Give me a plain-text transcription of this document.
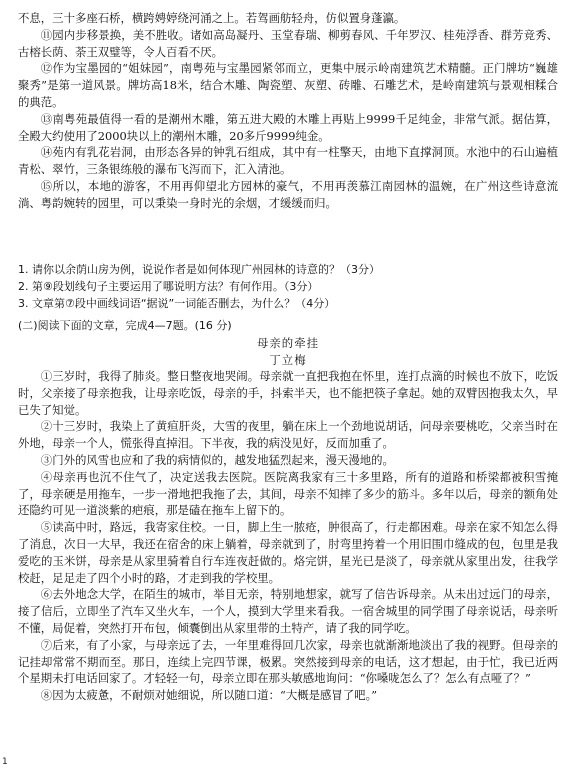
不息，三十多座石桥，横跨娉婷绕河涌之上。若驾画舫轻舟，仿似置身蓬瀛。

⑪园内步移景换，美不胜收。诸如高岛凝丹、玉堂春瑞、柳剪春风、千年罗汉、桂苑浮香、群芳竞秀、古榕长荫、荼王双璧等，令人百看不厌。

⑫作为宝墨园的“姐妹园”，南粤苑与宝墨园紧邻而立，更集中展示岭南建筑艺术精髓。正门牌坊“巍雄聚秀”是第一道风景。牌坊高18米，结合木雕、陶瓷塑、灰塑、砖雕、石雕艺术，是岭南建筑与景观相糅合的典范。

⑬南粤苑最值得一看的是潮州木雕，第五进大殿的木雕上再贴上9999千足纯金，非常气派。据估算，全殿大约使用了2000块以上的潮州木雕，20多斤9999纯金。

⑭苑内有乳花岩洞，由形态各异的钟乳石组成，其中有一柱擎天，由地下直撑洞顶。水池中的石山遍植青松、翠竹，三条银练般的瀑布飞泻而下，汇入清池。

⑮所以，本地的游客，不用再仰望北方园林的豪气，不用再羡慕江南园林的温婉，在广州这些诗意流淌、粤韵婉转的园里，可以秉染一身时光的余烟，才缓缓而归。

1. 请你以余荫山房为例，说说作者是如何体现广州园林的诗意的？（3分）

2. 第⑨段划线句子主要运用了哪说明方法？有何作用。（3分）

3. 文章第⑦段中画线词语“据说”一词能否删去，为什么？（4分）

(二)阅读下面的文章，完成4—7题。(16 分)

母亲的牵挂

丁立梅

①三岁时，我得了肺炎。整日整夜地哭闹。母亲就一直把我抱在怀里，连打点滴的时候也不放下，吃饭时，父亲接了母亲抱我，让母亲吃饭，母亲的手，抖索半天，也不能把筷子拿起。她的双臂因抱我太久，早已失了知觉。

②十三岁时，我染上了黄疸肝炎，大雪的夜里，躺在床上一个劲地说胡话，问母亲要桃吃，父亲当时在外地，母亲一个人，慌张得直掉泪。下半夜，我的病没见好，反而加重了。

③门外的风雪也应和了我的病情似的，越发地猛烈起来，漫天漫地的。

④母亲再也沉不住气了，决定送我去医院。医院离我家有三十多里路，所有的道路和桥梁都被积雪掩了，母亲硬是用拖车，一步一滑地把我拖了去，其间，母亲不知摔了多少的筋斗。多年以后，母亲的额角处还隐约可见一道淡紫的疤痕，那是磕在拖车上留下的。

⑤读高中时，路远，我寄家住校。一日，脚上生一脓疮，肿很高了，行走都困难。母亲在家不知怎么得了消息，次日一大早，我还在宿舍的床上躺着，母亲就到了，肘弯里挎着一个用旧围巾缝成的包，包里是我爱吃的玉米饼，母亲是从家里骑着自行车连夜赶做的。烙完饼，星光已是淡了，母亲就从家里出发，往我学校赶，足足走了四个小时的路，才走到我的学校里。

⑥去外地念大学，在陌生的城市，举目无亲，特别地想家，就写了信告诉母亲。从未出过远门的母亲，接了信后，立即坐了汽车又坐火车，一个人，摸到大学里来看我。一宿舍城里的同学围了母亲说话，母亲听不懂，局促着，突然打开布包，倾囊倒出从家里带的土特产，请了我的同学吃。

⑦后来，有了小家，与母亲远了去，一年里难得回几次家，母亲也就渐渐地淡出了我的视野。但母亲的记挂却常常不期而至。那日，连续上完四节课，极累。突然接到母亲的电话，这才想起，由于忙，我已近两个星期未打电话回家了。才轻轻一句，母亲立即在那头敏感地询问：“你嗓咙怎么了？怎么有点哑了？”

⑧因为太疲惫，不耐烦对她细说，所以随口道：“大概是感冒了吧。”

1
